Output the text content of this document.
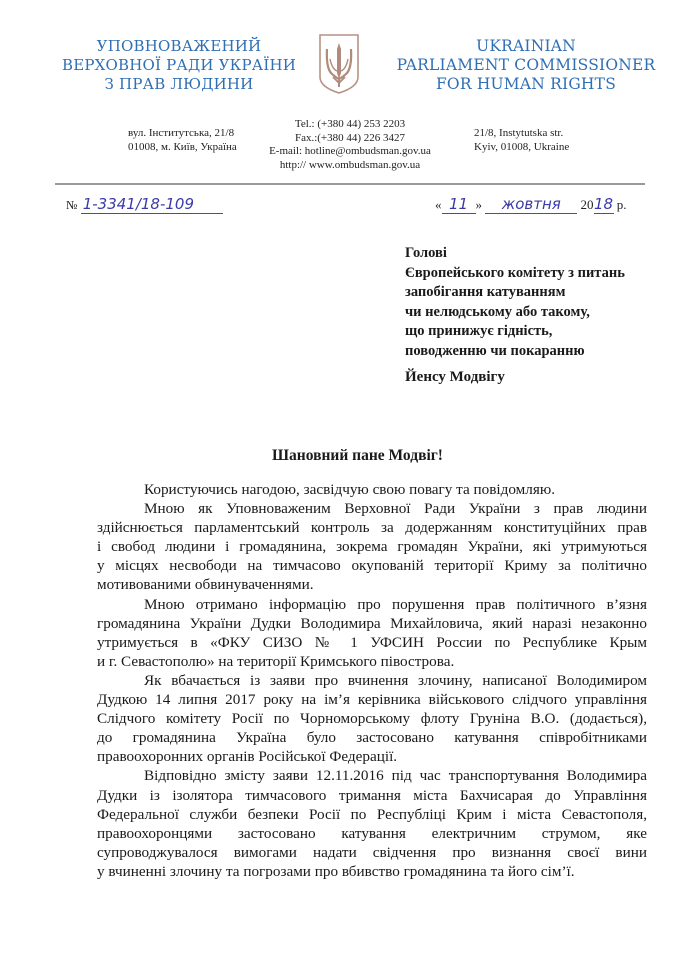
УПОВНОВАЖЕНИЙ
ВЕРХОВНОЇ РАДИ УКРАЇНИ
З ПРАВ ЛЮДИНИ
UKRAINIAN
PARLIAMENT COMMISSIONER
FOR HUMAN RIGHTS
вул. Інститутська, 21/8
01008, м. Київ, Україна
Tel.: (+380 44) 253 2203
Fax.:(+380 44) 226 3427
E-mail: hotline@ombudsman.gov.ua
http:// www.ombudsman.gov.ua
21/8, Instytutska str.
Kyiv, 01008, Ukraine
№ 1-3341/18-109	« 11 » жовтня 2018 р.
Голові
Європейського комітету з питань
запобігання катуванням
чи нелюдському або такому,
що принижує гідність,
поводженню чи покаранню
Йенсу Модвігу
Шановний пане Модвіг!

Користуючись нагодою, засвідчую свою повагу та повідомляю.

Мною як Уповноваженим Верховної Ради України з прав людини
здійснюється парламентський контроль за додержанням конституційних прав
і свобод людини і громадянина, зокрема громадян України, які утримуються
у місцях несвободи на тимчасово окупованій території Криму за політично
мотивованими обвинуваченнями.

Мною отримано інформацію про порушення прав політичного в’язня
громадянина України Дудки Володимира Михайловича, який наразі незаконно
утримується в «ФКУ СИЗО № 1 УФСИН России по Республике Крым
и г. Севастополю» на території Кримського півострова.

Як вбачається із заяви про вчинення злочину, написаної Володимиром
Дудкою 14 липня 2017 року на ім’я керівника військового слідчого управління
Слідчого комітету Росії по Чорноморському флоту Груніна В.О. (додається),
до громадянина Україна було застосовано катування співробітниками
правоохоронних органів Російської Федерації.

Відповідно змісту заяви 12.11.2016 під час транспортування Володимира
Дудки із ізолятора тимчасового тримання міста Бахчисарая до Управління
Федеральної служби безпеки Росії по Республіці Крим і міста Севастополя,
правоохоронцями застосовано катування електричним струмом, яке
супроводжувалося вимогами надати свідчення про визнання своєї вини
у вчиненні злочину та погрозами про вбивство громадянина та його сім’ї.
